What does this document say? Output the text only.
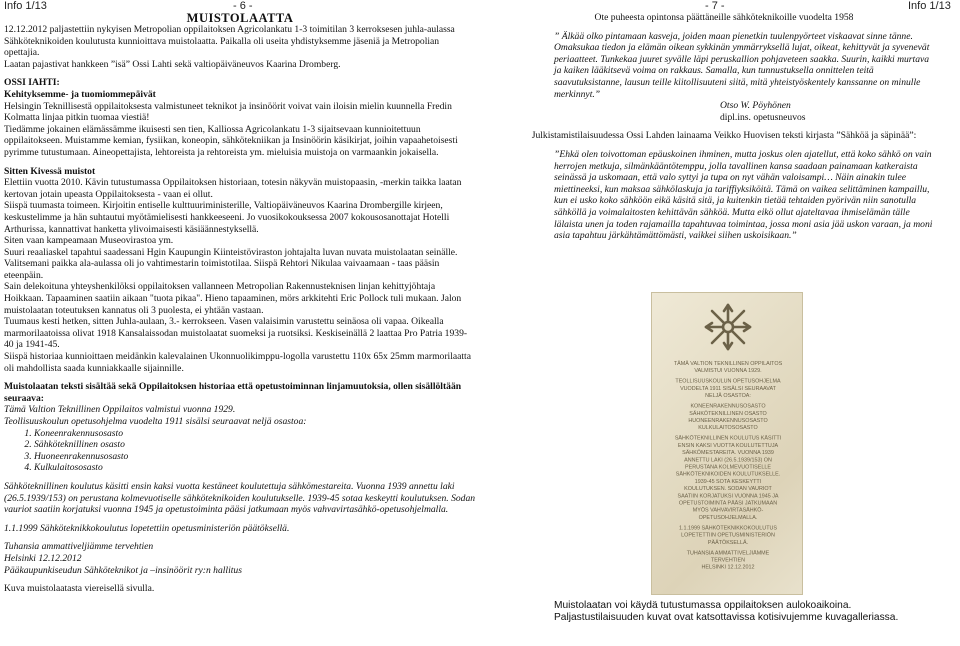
Info 1/13	- 6 -	- 7 -	Info 1/13
MUISTOLAATTA

12.12.2012 paljastettiin nykyisen Metropolian oppilaitoksen Agricolankatu 1-3 toimitilan 3 kerroksesen juhla-aulassa Sähköteknikoiden koulutusta kunnioittava muistolaatta. Paikalla oli useita yhdistyksemme jäseniä ja Metropolian opettajia.

Laatan pajastivat hankkeen ”isä” Ossi Lahti sekä valtiopäiväneuvos Kaarina Dromberg.

OSSI IAHTI:

Kehityksemme- ja tuomiommepäivät

Helsingin Teknillisestä oppilaitoksesta valmistuneet teknikot ja insinöörit voivat vain iloisin mielin kuunnella Fredin Kolmatta linjaa pitkin tuomaa viestiä!

Tiedämme jokainen elämässämme ikuisesti sen tien, Kalliossa Agricolankatu 1-3 sijaitsevaan kunnioitettuun oppilaitokseen. Muistamme kemian, fysiikan, koneopin, sähkötekniikan ja Insinöörin käsikirjat, joihin vapaahetoisesti pyrimme tutustumaan. Aineopettajista, lehtoreista ja rehtoreista ym. mieluisia muistoja on varmaankin jokaisella.

Sitten Kivessä muistot

Elettiin vuotta 2010. Kävin tutustumassa Oppilaitoksen historiaan, totesin näkyvän muistopaasin, -merkin taikka laatan kertovan jotain upeasta Oppilaitoksesta - vaan ei ollut.
Siispä tuumasta toimeen. Kirjoitin entiselle kulttuuriministerille, Valtiopäiväneuvos Kaarina Drombergille kirjeen, keskustelimme ja hän suhtautui myötämielisesti hankkeeseeni. Jo vuosikokouksessa 2007 kokousosanottajat Hotelli Arthurissa, kannattivat hanketta ylivoimaisesti käsiäännestyksellä.
Siten vaan kampeamaan Museovirastoa ym.
Suuri reaaliaskel tapahtui saadessani Hgin Kaupungin Kiinteistöviraston johtajalta luvan nuvata muistolaatan seinälle. Valitsemani paikka ala-aulassa oli jo vahtimestarin toimistotilaa. Siispä Rehtori Nikulaa vaivaamaan - taas pääsin eteenpäin.
Sain delekoituna yhteyshenkilöksi oppilaitoksen vallanneen Metropolian Rakennusteknisen linjan kehittyjöhtaja Hoikkaan. Tapaaminen saatiin aikaan "tuota pikaa". Hieno tapaaminen, mörs arkkitehti Eric Pollock tuli mukaan. Jalon muistolaatan toteutuksen kannatus oli 3 puolesta, ei yhtään vastaan.
Tuumaus kesti hetken, sitten Juhla-aulaan, 3.- kerrokseen. Vasen valaisimin varustettu seinäosa oli vapaa. Oikealla marmorilaatoissa olivat 1918 Kansalaissodan muistolaatat suomeksi ja ruotsiksi. Keskiseinällä 2 laattaa Pro Patria 1939-40 ja 1941-45.
Siispä historiaa kunnioittaen meidänkin kalevalainen Ukonnuolikimppu-logolla varustettu 110x 65x 25mm marmorilaatta oli mahdollista saada kunniakkaalle sijainnille.

Muistolaatan teksti sisältää sekä Oppilaitoksen historiaa että opetustoiminnan linjamuutoksia, ollen sisällöltään seuraava:

Tämä Valtion Teknillinen Oppilaitos valmistui vuonna 1929.
Teollisuuskoulun opetusohjelma vuodelta 1911 sisälsi seuraavat neljä osastoa:

1. Koneenrakennusosasto
2. Sähköteknillinen osasto
3. Huoneenrakennusosasto
4. Kulkulaitososasto

Sähköteknillinen koulutus käsitti ensin kaksi vuotta kestäneet koulutettuja sähkömestareita. Vuonna 1939 annettu laki (26.5.1939/153) on perustana kolmevuotiselle sähköteknikoiden koulutukselle. 1939-45 sotaa keskeytti koulutuksen. Sodan vauriot saatiin korjatuksi vuonna 1945 ja opetustoiminta pääsi jatkumaan myös vahvavirtasähkö-opetusohjelmalla.

1.1.1999 Sähköteknikkokoulutus lopetettiin opetusministeriön päätöksellä.

Tuhansia ammattiveljiämme tervehtien
Helsinki 12.12.2012
Pääkaupunkiseudun Sähköteknikot ja –insinöörit ry:n hallitus

Kuva muistolaatasta viereisellä sivulla.

Ote puheesta opintonsa päättäneille sähköteknikoille vuodelta 1958

” Älkää olko pintamaan kasveja, joiden maan pienetkin tuulenpyörteet viskaavat sinne tänne. Omaksukaa tiedon ja elämän oikean sykkinän ymmärryksellä lujat, oikeat, kehittyvät ja syvenevät periaatteet. Tunkekaa juuret syvälle läpi peruskallion pohjaveteen saakka. Suurin, kaikki murtava ja kaiken lääkitsevä voima on rakkaus. Samalla, kun tunnustuksella onnittelen teitä saavutuksistanne, lausun teille kiitollisuuteni siitä, mitä yhteistyöskentely kanssanne on minulle merkinnyt.”

Otso W. Pöyhönen

dipl.ins. opetusneuvos

Julkistamistilaisuudessa Ossi Lahden lainaama Veikko Huovisen teksti kirjasta ”Sähköä ja säpinää”:

”Ehkä olen toivottoman epäuskoinen ihminen, mutta joskus olen ajatellut, että koko sähkö on vain herrojen metkuja, silmänkääntötemppu, jolla tavallinen kansa saadaan painamaan katkeraista seinässä ja uskomaan, että valo syttyi ja tupa on nyt vähän valoisampi… Näin ainakin tulee miettineeksi, kun maksaa sähkölaskuja ja tariffiyksiköitä. Tämä on vaikea selittäminen kampaillu, kun ei usko koko sähköön eikä käsitä sitä, ja kuitenkin tietää tehtaiden pyörivän niin sanotulla sähköllä ja voimalaitosten kehittävän sähköä. Mutta eikö ollut ajateltavaa ihmiselämän tälle lälaista unen ja toden rajamailla tapahtuvaa toimintaa, jossa moni asia jää uskon varaan, ja moni asia tapahtuu järkähtämättömästi, vaikkei siihen uskoisikaan.”

TÄMÄ VALTION TEKNILLINEN OPPILAITOS
VALMISTUI VUONNA 1929.
TEOLLISUUSKOULUN OPETUSOHJELMA
VUODELTA 1911 SISÄLSI SEURAAVAT
NELJÄ OSASTOA:
KONEENRAKENNUSOSASTO
SÄHKÖTEKNILLINEN OSASTO
HUONEENRAKENNUSOSASTO
KULKULAITOSOSASTO
SÄHKÖTEKNILLINEN KOULUTUS KÄSITTI
ENSIN KAKSI VUOTTA KOULUTETTUJA
SÄHKÖMESTAREITA. VUONNA 1939
ANNETTU LAKI (26.5.1939/153) ON
PERUSTANA KOLMEVUOTISELLE
SÄHKÖTEKNIKOIDEN KOULUTUKSELLE.
1939-45 SOTA KESKEYTTI
KOULUTUKSEN. SODAN VAURIOT
SAATIIN KORJATUKSI VUONNA 1945 JA
OPETUSTOIMINTA PÄÄSI JATKUMAAN
MYÖS VAHVAVIRTASÄHKÖ-
OPETUSOHJELMALLA.
1.1.1999 SÄHKÖTEKNIKKOKOULUTUS
LOPETETTIIN OPETUSMINISTERIÖN
PÄÄTÖKSELLÄ.
TUHANSIA AMMATTIVELJIÄMME
TERVEHTIEN
HELSINKI 12.12.2012

Muistolaatan voi käydä tutustumassa oppilaitoksen aulokoaikoina.

Paljastustilaisuuden kuvat ovat katsottavissa kotisivujemme kuvagalleriassa.
